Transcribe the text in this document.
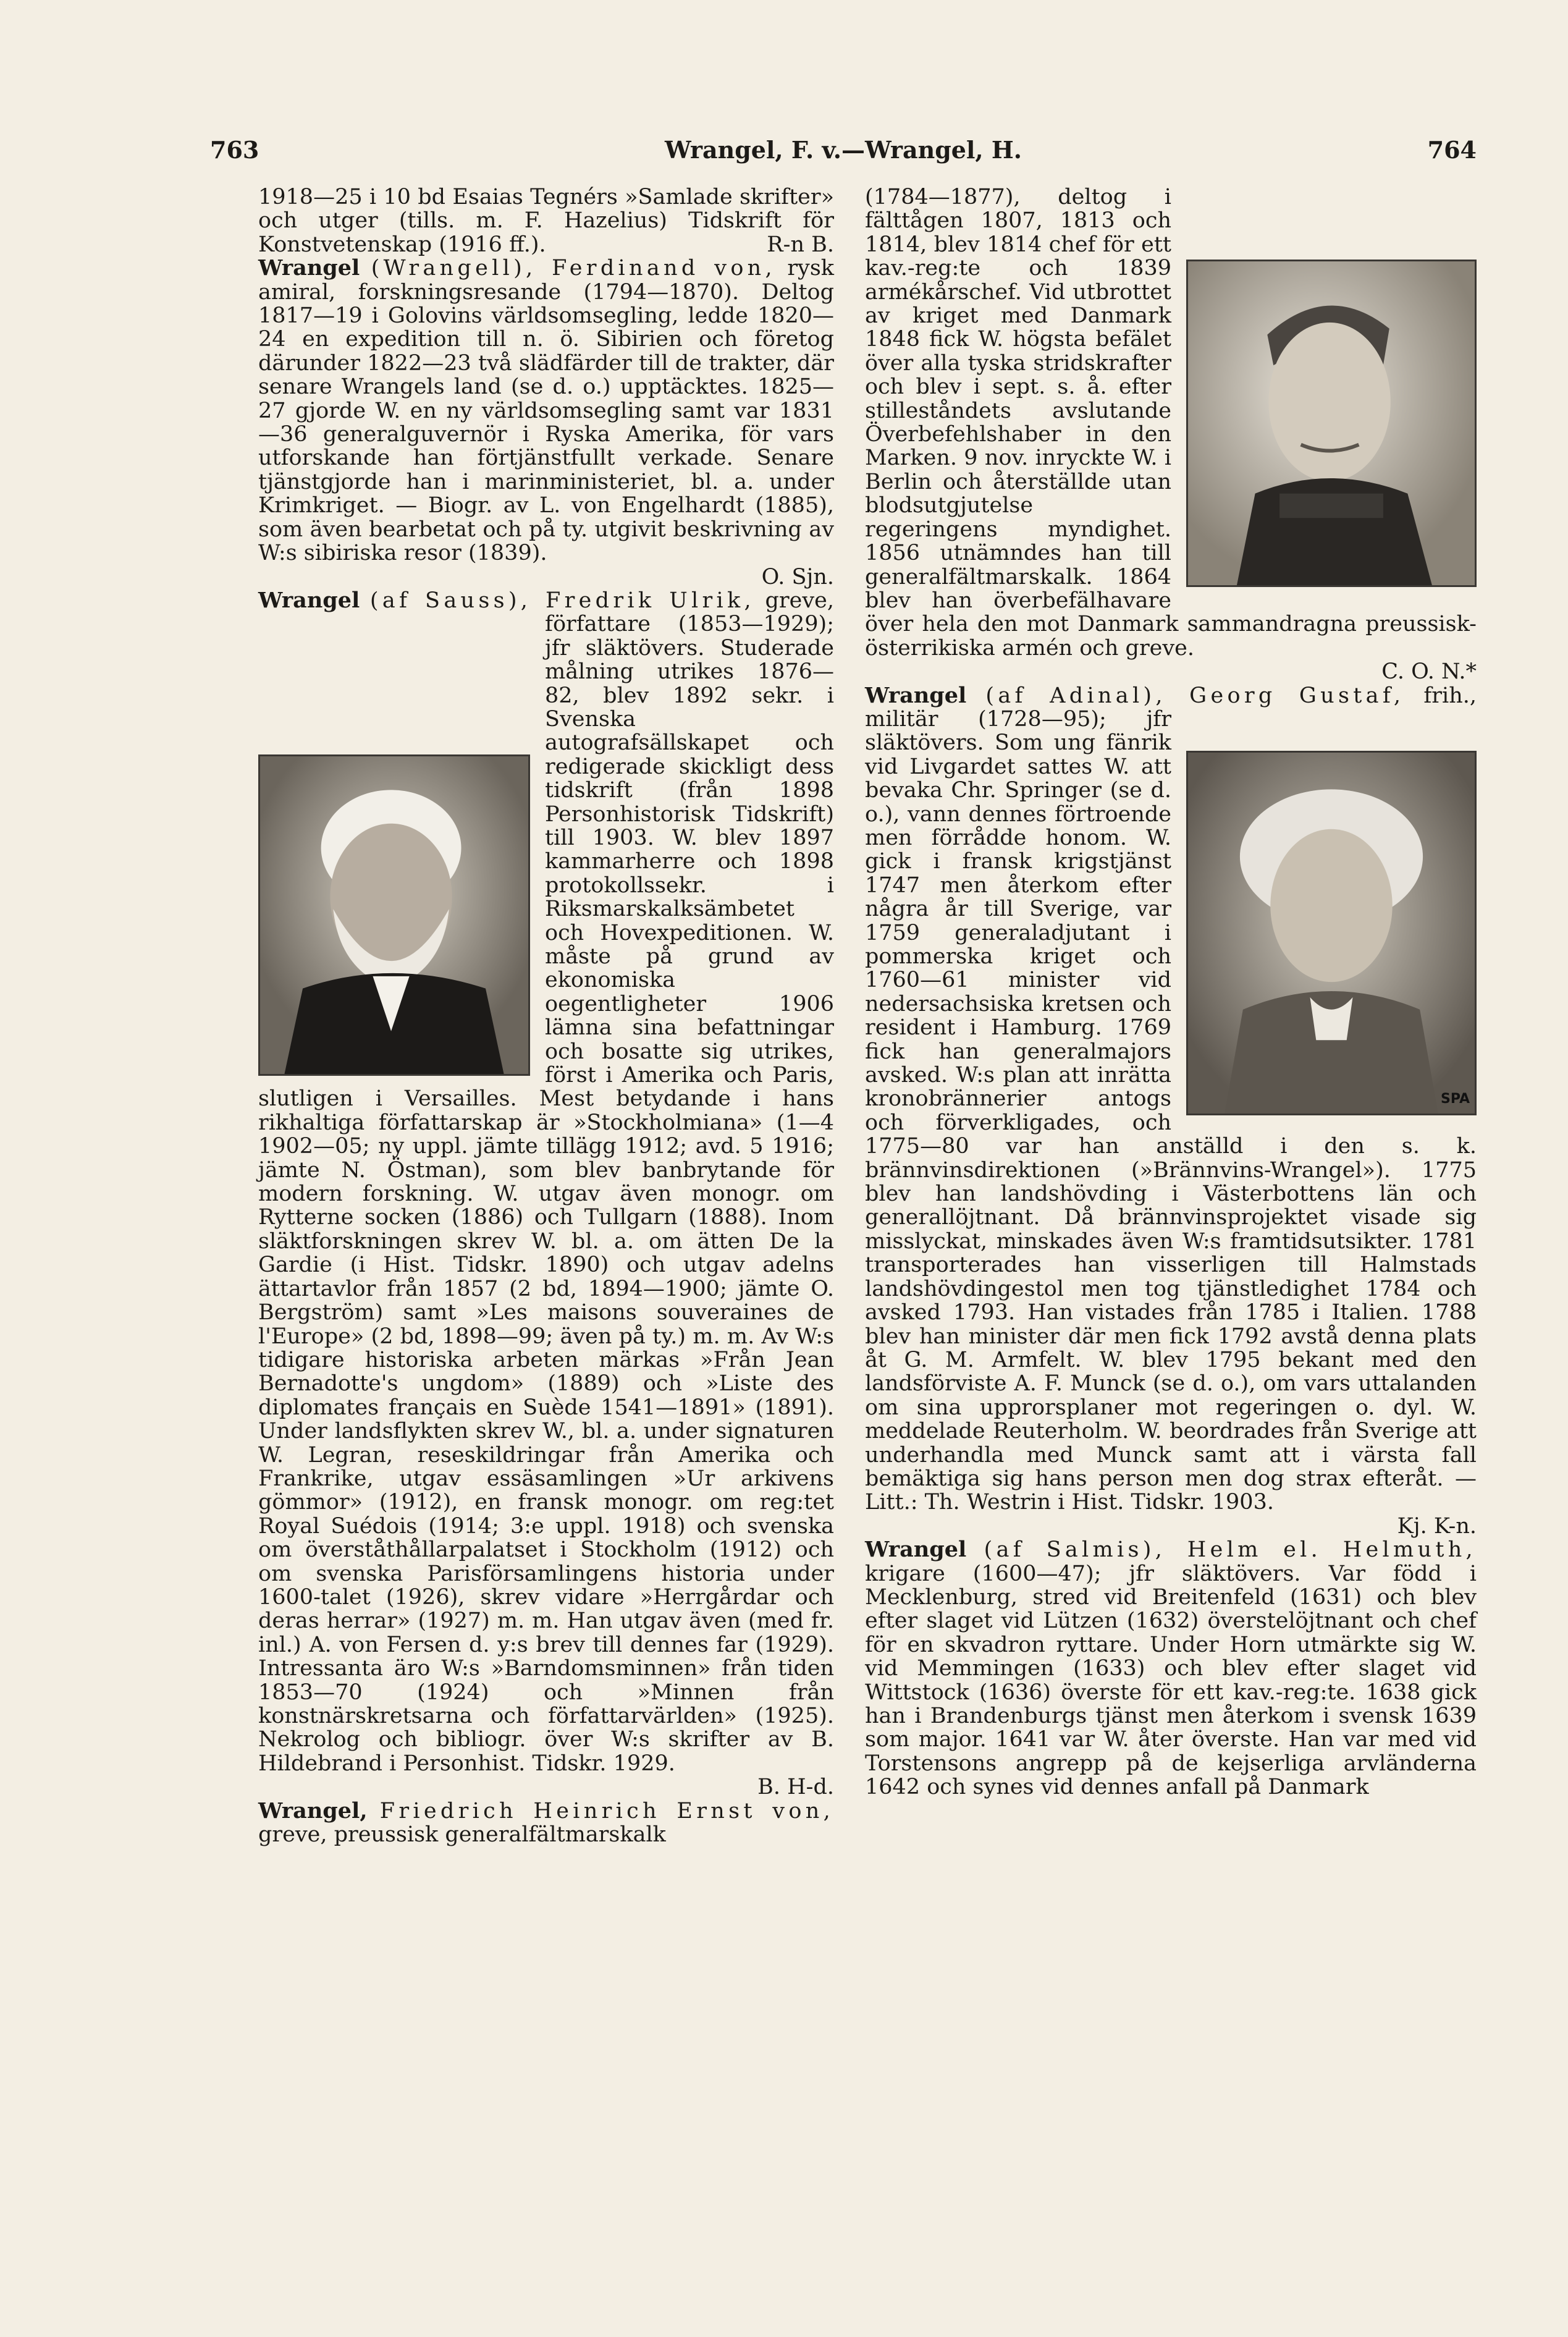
763	Wrangel, F. v.—Wrangel, H.	764

1918—25 i 10 bd Esaias Tegnérs »Samlade skrifter» och utger (tills. m. F. Hazelius) Tidskrift för Konstvetenskap (1916 ff.).	R-n B.

Wrangel (Wrangell), Ferdinand von, rysk amiral, forskningsresande (1794—1870). Deltog 1817—19 i Golovins världsomsegling, ledde 1820—24 en expedition till n. ö. Sibirien och företog därunder 1822—23 två slädfärder till de trakter, där senare Wrangels land (se d. o.) upptäcktes. 1825—27 gjorde W. en ny världsomsegling samt var 1831—36 generalguvernör i Ryska Amerika, för vars utforskande han förtjänstfullt verkade. Senare tjänstgjorde han i marinministeriet, bl. a. under Krimkriget. — Biogr. av L. von Engelhardt (1885), som även bearbetat och på ty. utgivit beskrivning av W:s sibiriska resor (1839).

O. Sjn.

Wrangel (af Sauss), Fredrik Ulrik, greve, författare (1853—1929); jfr släktövers. Studerade målning utrikes 1876—82, blev 1892 sekr. i Svenska autografsällskapet och redigerade skickligt dess tidskrift (från 1898 Personhistorisk Tidskrift) till 1903. W. blev 1897 kammarherre och 1898 protokollssekr. i Riksmarskalksämbetet och Hovexpeditionen. W. måste på grund av ekonomiska oegentligheter 1906 lämna sina befattningar och bosatte sig utrikes, först i Amerika och Paris, slutligen i Versailles. Mest betydande i hans rikhaltiga författarskap är »Stockholmiana» (1—4 1902—05; ny uppl. jämte tillägg 1912; avd. 5 1916; jämte N. Östman), som blev banbrytande för modern forskning. W. utgav även monogr. om Rytterne socken (1886) och Tullgarn (1888). Inom släktforskningen skrev W. bl. a. om ätten De la Gardie (i Hist. Tidskr. 1890) och utgav adelns ättartavlor från 1857 (2 bd, 1894—1900; jämte O. Bergström) samt »Les maisons souveraines de l'Europe» (2 bd, 1898—99; även på ty.) m. m. Av W:s tidigare historiska arbeten märkas »Från Jean Bernadotte's ungdom» (1889) och »Liste des diplomates français en Suède 1541—1891» (1891). Under landsflykten skrev W., bl. a. under signaturen W. Legran, reseskildringar från Amerika och Frankrike, utgav essäsamlingen »Ur arkivens gömmor» (1912), en fransk monogr. om reg:tet Royal Suédois (1914; 3:e uppl. 1918) och svenska om överståthållarpalatset i Stockholm (1912) och om svenska Parisförsamlingens historia under 1600-talet (1926), skrev vidare »Herrgårdar och deras herrar» (1927) m. m. Han utgav även (med fr. inl.) A. von Fersen d. y:s brev till dennes far (1929). Intressanta äro W:s »Barndomsminnen» från tiden 1853—70 (1924) och »Minnen från konstnärskretsarna och författarvärlden» (1925). Nekrolog och bibliogr. över W:s skrifter av B. Hildebrand i Personhist. Tidskr. 1929.

B. H-d.

Wrangel, Friedrich Heinrich Ernst von, greve, preussisk generalfältmarskalk

(1784—1877), deltog i fälttågen 1807, 1813 och 1814, blev 1814 chef för ett kav.-reg:te och 1839 armékårschef. Vid utbrottet av kriget med Danmark 1848 fick W. högsta befälet över alla tyska stridskrafter och blev i sept. s. å. efter stilleståndets avslutande Överbefehlshaber in den Marken. 9 nov. inryckte W. i Berlin och återställde utan blodsutgjutelse regeringens myndighet. 1856 utnämndes han till generalfältmarskalk. 1864 blev han överbefälhavare över hela den mot Danmark sammandragna preussisk-österrikiska armén och greve.

C. O. N.*

Wrangel (af Adinal), Georg Gustaf,
SPA
frih., militär (1728—95); jfr släktövers. Som ung fänrik vid Livgardet sattes W. att bevaka Chr. Springer (se d. o.), vann dennes förtroende men förrådde honom. W. gick i fransk krigstjänst 1747 men återkom efter några år till Sverige, var 1759 generaladjutant i pommerska kriget och 1760—61 minister vid nedersachsiska kretsen och resident i Hamburg. 1769 fick han generalmajors avsked. W:s plan att inrätta kronobrännerier antogs och förverkligades, och 1775—80 var han anställd i den s. k. brännvinsdirektionen (»Brännvins-Wrangel»). 1775 blev han landshövding i Västerbottens län och generallöjtnant. Då brännvinsprojektet visade sig misslyckat, minskades även W:s framtidsutsikter. 1781 transporterades han visserligen till Halmstads landshövdingestol men tog tjänstledighet 1784 och avsked 1793. Han vistades från 1785 i Italien. 1788 blev han minister där men fick 1792 avstå denna plats åt G. M. Armfelt. W. blev 1795 bekant med den landsförviste A. F. Munck (se d. o.), om vars uttalanden om sina upprorsplaner mot regeringen o. dyl. W. meddelade Reuterholm. W. beordrades från Sverige att underhandla med Munck samt att i värsta fall bemäktiga sig hans person men dog strax efteråt. — Litt.: Th. Westrin i Hist. Tidskr. 1903.

Kj. K-n.

Wrangel (af Salmis), Helm el. Helmuth, krigare (1600—47); jfr släktövers. Var född i Mecklenburg, stred vid Breitenfeld (1631) och blev efter slaget vid Lützen (1632) överstelöjtnant och chef för en skvadron ryttare. Under Horn utmärkte sig W. vid Memmingen (1633) och blev efter slaget vid Wittstock (1636) överste för ett kav.-reg:te. 1638 gick han i Brandenburgs tjänst men återkom i svensk 1639 som major. 1641 var W. åter överste. Han var med vid Torstensons angrepp på de kejserliga arvländerna 1642 och synes vid dennes anfall på Danmark
